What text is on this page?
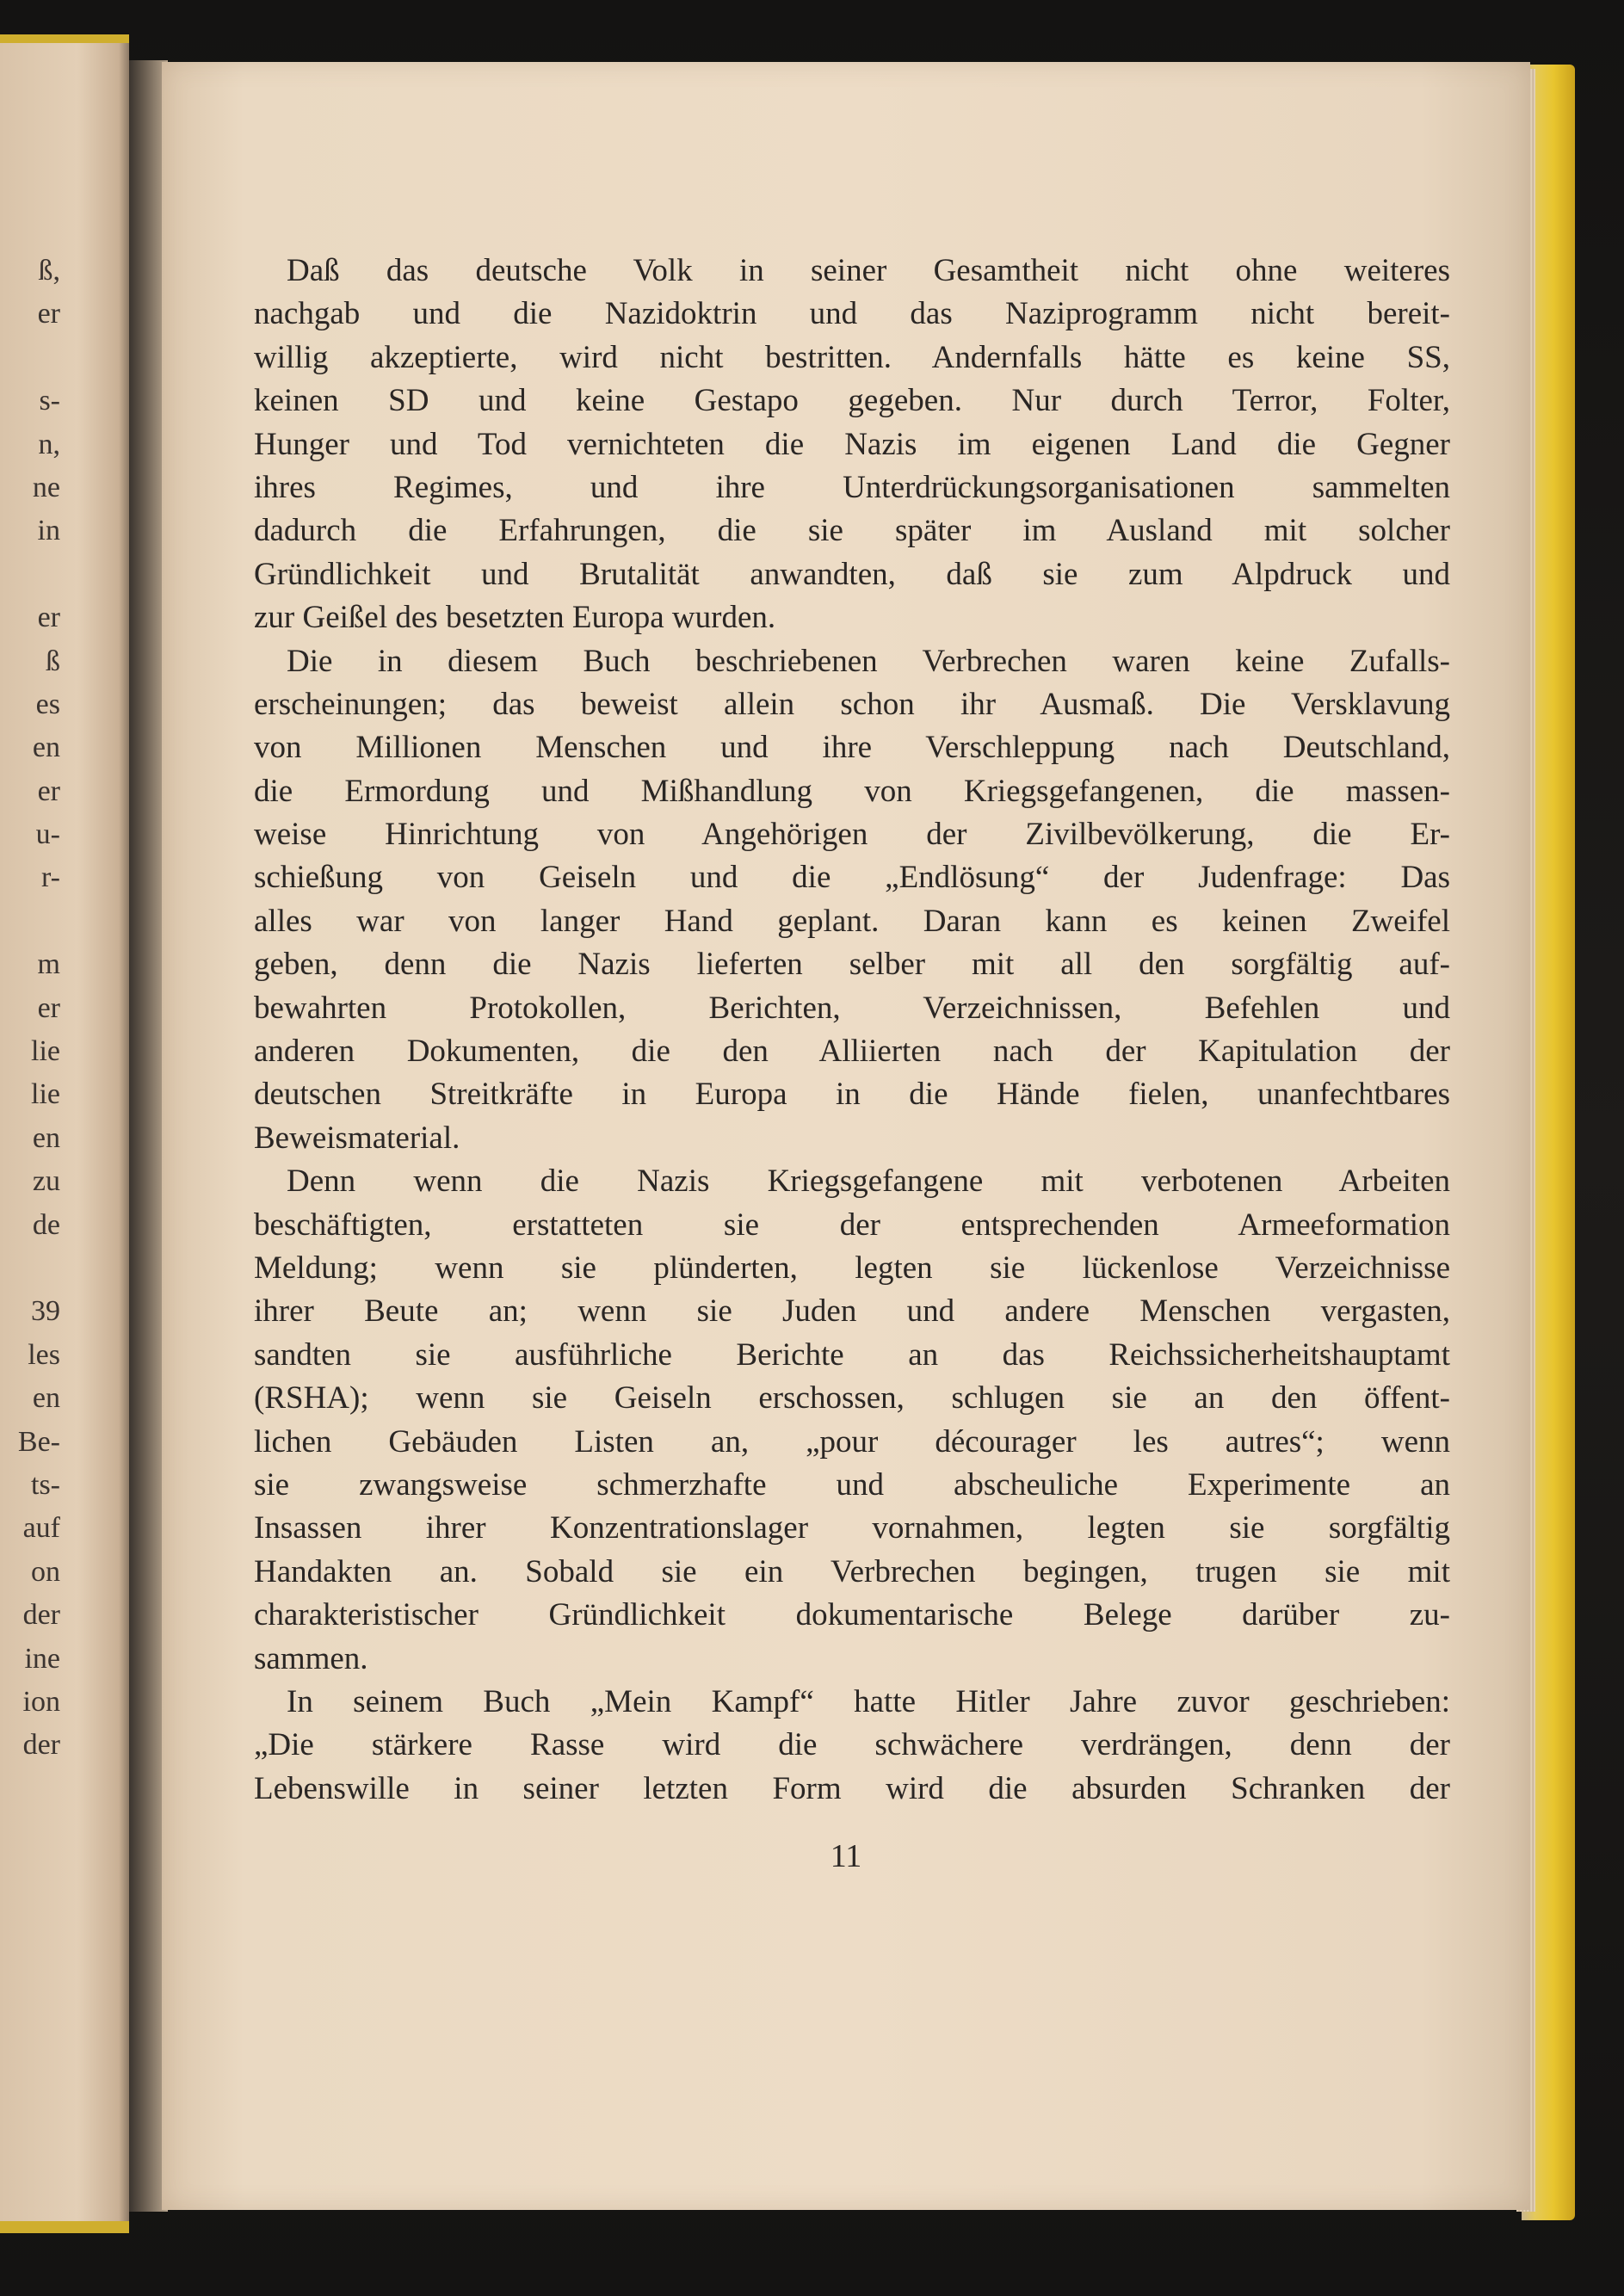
ß,
er
s-
n,
ne
in
er
ß
es
en
er
u-
r-
m
er
lie
lie
en
zu
de
39
les
en
Be-
ts-
auf
on
der
ine
ion
der
Daß das deutsche Volk in seiner Gesamtheit nicht ohne weiteres
nachgab und die Nazidoktrin und das Naziprogramm nicht bereit-
willig akzeptierte, wird nicht bestritten. Andernfalls hätte es keine SS,
keinen SD und keine Gestapo gegeben. Nur durch Terror, Folter,
Hunger und Tod vernichteten die Nazis im eigenen Land die Gegner
ihres Regimes, und ihre Unterdrückungsorganisationen sammelten
dadurch die Erfahrungen, die sie später im Ausland mit solcher
Gründlichkeit und Brutalität anwandten, daß sie zum Alpdruck und
zur Geißel des besetzten Europa wurden.
Die in diesem Buch beschriebenen Verbrechen waren keine Zufalls-
erscheinungen; das beweist allein schon ihr Ausmaß. Die Versklavung
von Millionen Menschen und ihre Verschleppung nach Deutschland,
die Ermordung und Mißhandlung von Kriegsgefangenen, die massen-
weise Hinrichtung von Angehörigen der Zivilbevölkerung, die Er-
schießung von Geiseln und die „Endlösung“ der Judenfrage: Das
alles war von langer Hand geplant. Daran kann es keinen Zweifel
geben, denn die Nazis lieferten selber mit all den sorgfältig auf-
bewahrten Protokollen, Berichten, Verzeichnissen, Befehlen und
anderen Dokumenten, die den Alliierten nach der Kapitulation der
deutschen Streitkräfte in Europa in die Hände fielen, unanfechtbares
Beweismaterial.
Denn wenn die Nazis Kriegsgefangene mit verbotenen Arbeiten
beschäftigten, erstatteten sie der entsprechenden Armeeformation
Meldung; wenn sie plünderten, legten sie lückenlose Verzeichnisse
ihrer Beute an; wenn sie Juden und andere Menschen vergasten,
sandten sie ausführliche Berichte an das Reichssicherheitshauptamt
(RSHA); wenn sie Geiseln erschossen, schlugen sie an den öffent-
lichen Gebäuden Listen an, „pour décourager les autres“; wenn
sie zwangsweise schmerzhafte und abscheuliche Experimente an
Insassen ihrer Konzentrationslager vornahmen, legten sie sorgfältig
Handakten an. Sobald sie ein Verbrechen begingen, trugen sie mit
charakteristischer Gründlichkeit dokumentarische Belege darüber zu-
sammen.
In seinem Buch „Mein Kampf“ hatte Hitler Jahre zuvor geschrieben:
„Die stärkere Rasse wird die schwächere verdrängen, denn der
Lebenswille in seiner letzten Form wird die absurden Schranken der
11
